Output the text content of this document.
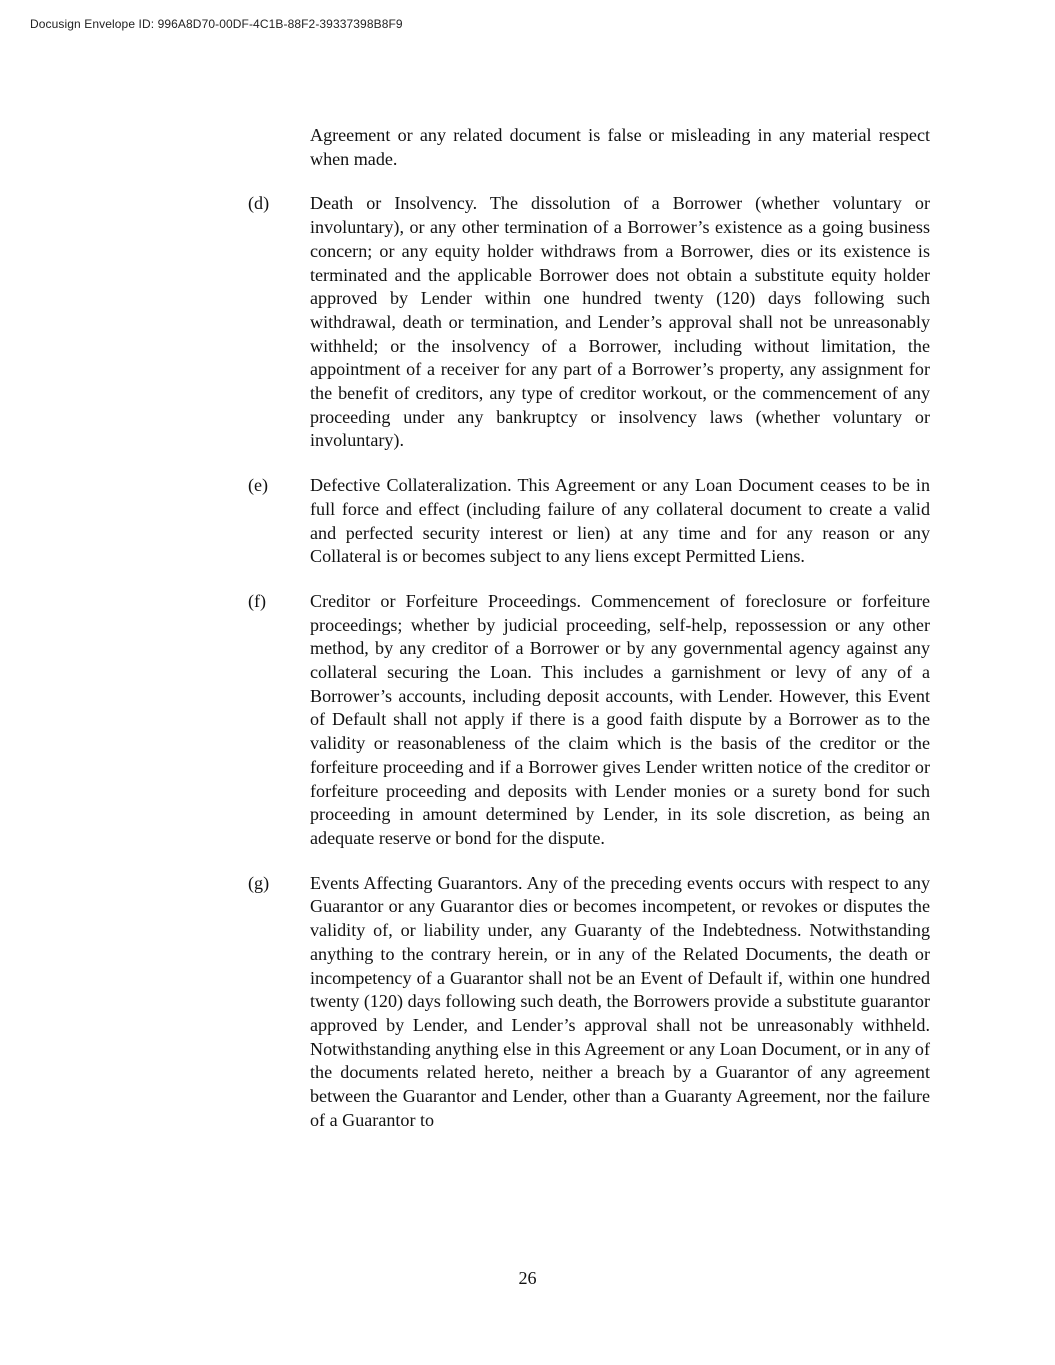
Docusign Envelope ID: 996A8D70-00DF-4C1B-88F2-39337398B8F9
Agreement or any related document is false or misleading in any material respect when made.
(d)	Death or Insolvency. The dissolution of a Borrower (whether voluntary or involuntary), or any other termination of a Borrower’s existence as a going business concern; or any equity holder withdraws from a Borrower, dies or its existence is terminated and the applicable Borrower does not obtain a substitute equity holder approved by Lender within one hundred twenty (120) days following such withdrawal, death or termination, and Lender’s approval shall not be unreasonably withheld; or the insolvency of a Borrower, including without limitation, the appointment of a receiver for any part of a Borrower’s property, any assignment for the benefit of creditors, any type of creditor workout, or the commencement of any proceeding under any bankruptcy or insolvency laws (whether voluntary or involuntary).
(e)	Defective Collateralization. This Agreement or any Loan Document ceases to be in full force and effect (including failure of any collateral document to create a valid and perfected security interest or lien) at any time and for any reason or any Collateral is or becomes subject to any liens except Permitted Liens.
(f)	Creditor or Forfeiture Proceedings. Commencement of foreclosure or forfeiture proceedings; whether by judicial proceeding, self-help, repossession or any other method, by any creditor of a Borrower or by any governmental agency against any collateral securing the Loan. This includes a garnishment or levy of any of a Borrower’s accounts, including deposit accounts, with Lender. However, this Event of Default shall not apply if there is a good faith dispute by a Borrower as to the validity or reasonableness of the claim which is the basis of the creditor or the forfeiture proceeding and if a Borrower gives Lender written notice of the creditor or forfeiture proceeding and deposits with Lender monies or a surety bond for such proceeding in amount determined by Lender, in its sole discretion, as being an adequate reserve or bond for the dispute.
(g)	Events Affecting Guarantors. Any of the preceding events occurs with respect to any Guarantor or any Guarantor dies or becomes incompetent, or revokes or disputes the validity of, or liability under, any Guaranty of the Indebtedness. Notwithstanding anything to the contrary herein, or in any of the Related Documents, the death or incompetency of a Guarantor shall not be an Event of Default if, within one hundred twenty (120) days following such death, the Borrowers provide a substitute guarantor approved by Lender, and Lender’s approval shall not be unreasonably withheld. Notwithstanding anything else in this Agreement or any Loan Document, or in any of the documents related hereto, neither a breach by a Guarantor of any agreement between the Guarantor and Lender, other than a Guaranty Agreement, nor the failure of a Guarantor to
26
